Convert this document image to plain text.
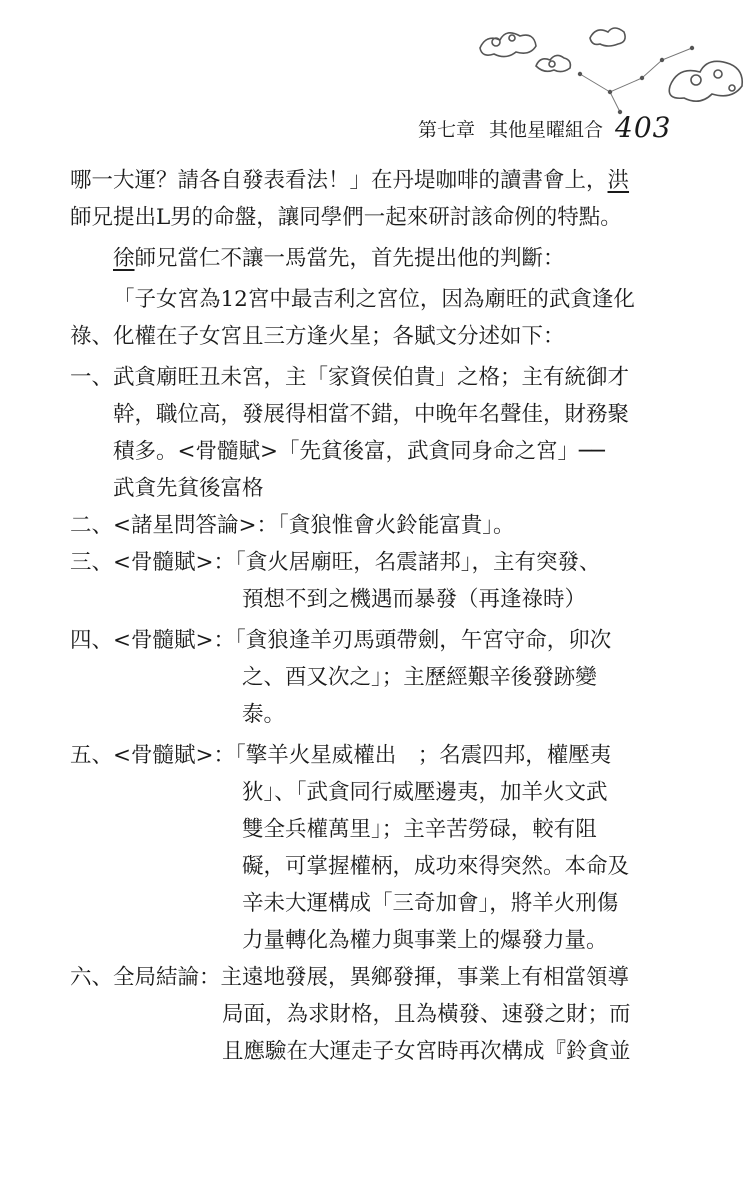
第七章 其他星曜組合 403
哪一大運？請各自發表看法！」在丹堤咖啡的讀書會上，洪
師兄提出L男的命盤，讓同學們一起來研討該命例的特點。
徐師兄當仁不讓一馬當先，首先提出他的判斷：
「子女宮為12宮中最吉利之宮位，因為廟旺的武貪逢化
祿、化權在子女宮且三方逢火星；各賦文分述如下：
一、武貪廟旺丑未宮，主「家資侯伯貴」之格；主有統御才
幹，職位高，發展得相當不錯，中晚年名聲佳，財務聚
積多。<骨髓賦>「先貧後富，武貪同身命之宮」──
武貪先貧後富格
二、<諸星問答論>：「貪狼惟會火鈴能富貴」。
三、<骨髓賦>：「貪火居廟旺，名震諸邦」，主有突發、
預想不到之機遇而暴發（再逢祿時）
四、<骨髓賦>：「貪狼逢羊刃馬頭帶劍，午宮守命，卯次
之、酉又次之」；主歷經艱辛後發跡變
泰。
五、<骨髓賦>：「擎羊火星威權出　；名震四邦，權壓夷
狄」、「武貪同行威壓邊夷，加羊火文武
雙全兵權萬里」；主辛苦勞碌，較有阻
礙，可掌握權柄，成功來得突然。本命及
辛未大運構成「三奇加會」，將羊火刑傷
力量轉化為權力與事業上的爆發力量。
六、全局結論：主遠地發展，異鄉發揮，事業上有相當領導
局面，為求財格，且為橫發、速發之財；而
且應驗在大運走子女宮時再次構成『鈴貪並
